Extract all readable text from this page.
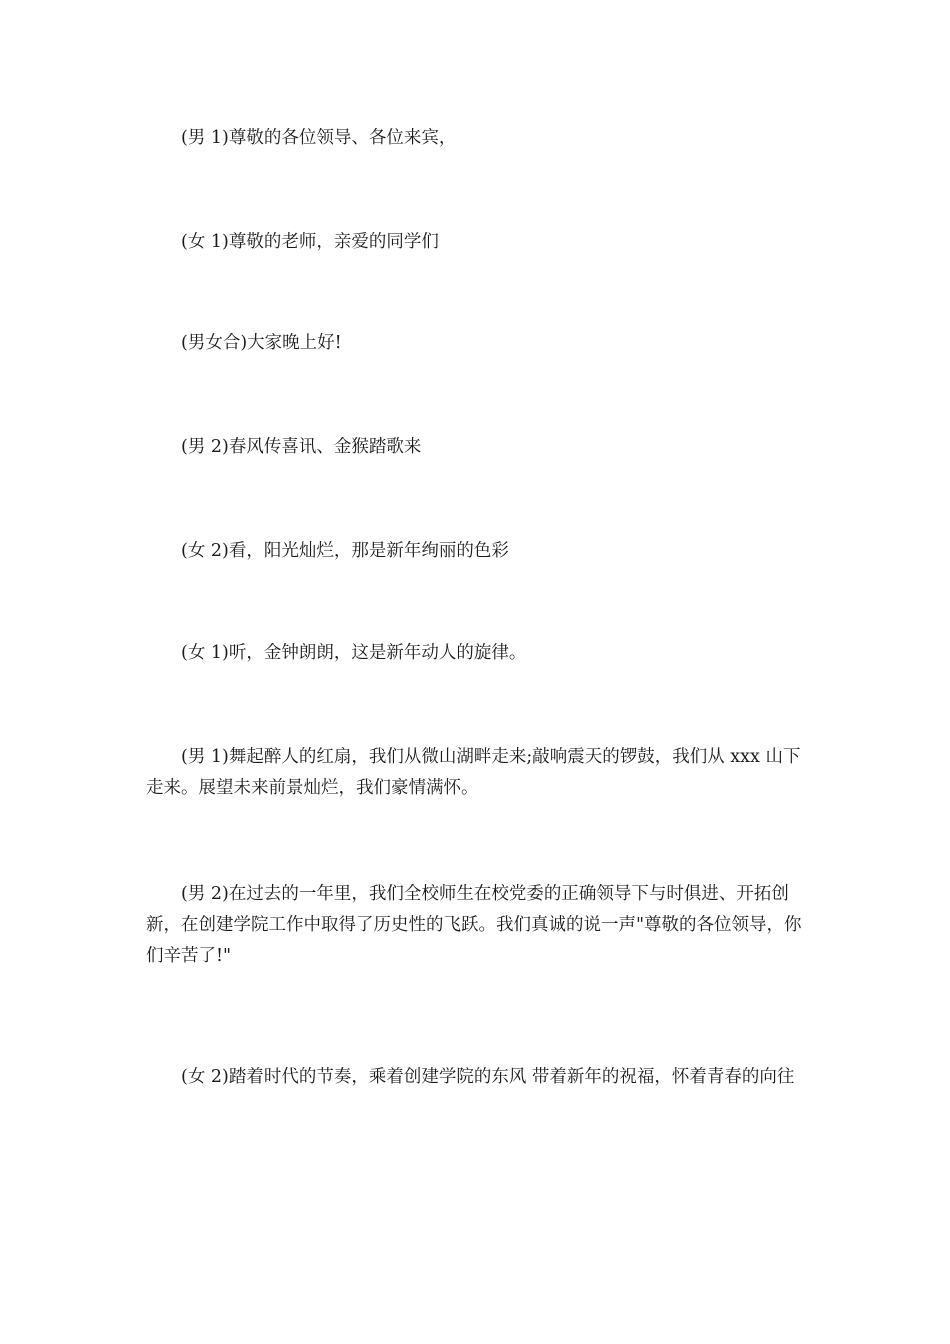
(男 1)尊敬的各位领导、各位来宾，

(女 1)尊敬的老师，亲爱的同学们

(男女合)大家晚上好!

(男 2)春风传喜讯、金猴踏歌来

(女 2)看，阳光灿烂，那是新年绚丽的色彩

(女 1)听，金钟朗朗，这是新年动人的旋律。

(男 1)舞起醉人的红扇，我们从微山湖畔走来;敲响震天的锣鼓，我们从 xxx 山下走来。展望未来前景灿烂，我们豪情满怀。

(男 2)在过去的一年里，我们全校师生在校党委的正确领导下与时俱进、开拓创新，在创建学院工作中取得了历史性的飞跃。我们真诚的说一声"尊敬的各位领导，你们辛苦了!"

(女 2)踏着时代的节奏，乘着创建学院的东风 带着新年的祝福，怀着青春的向往
